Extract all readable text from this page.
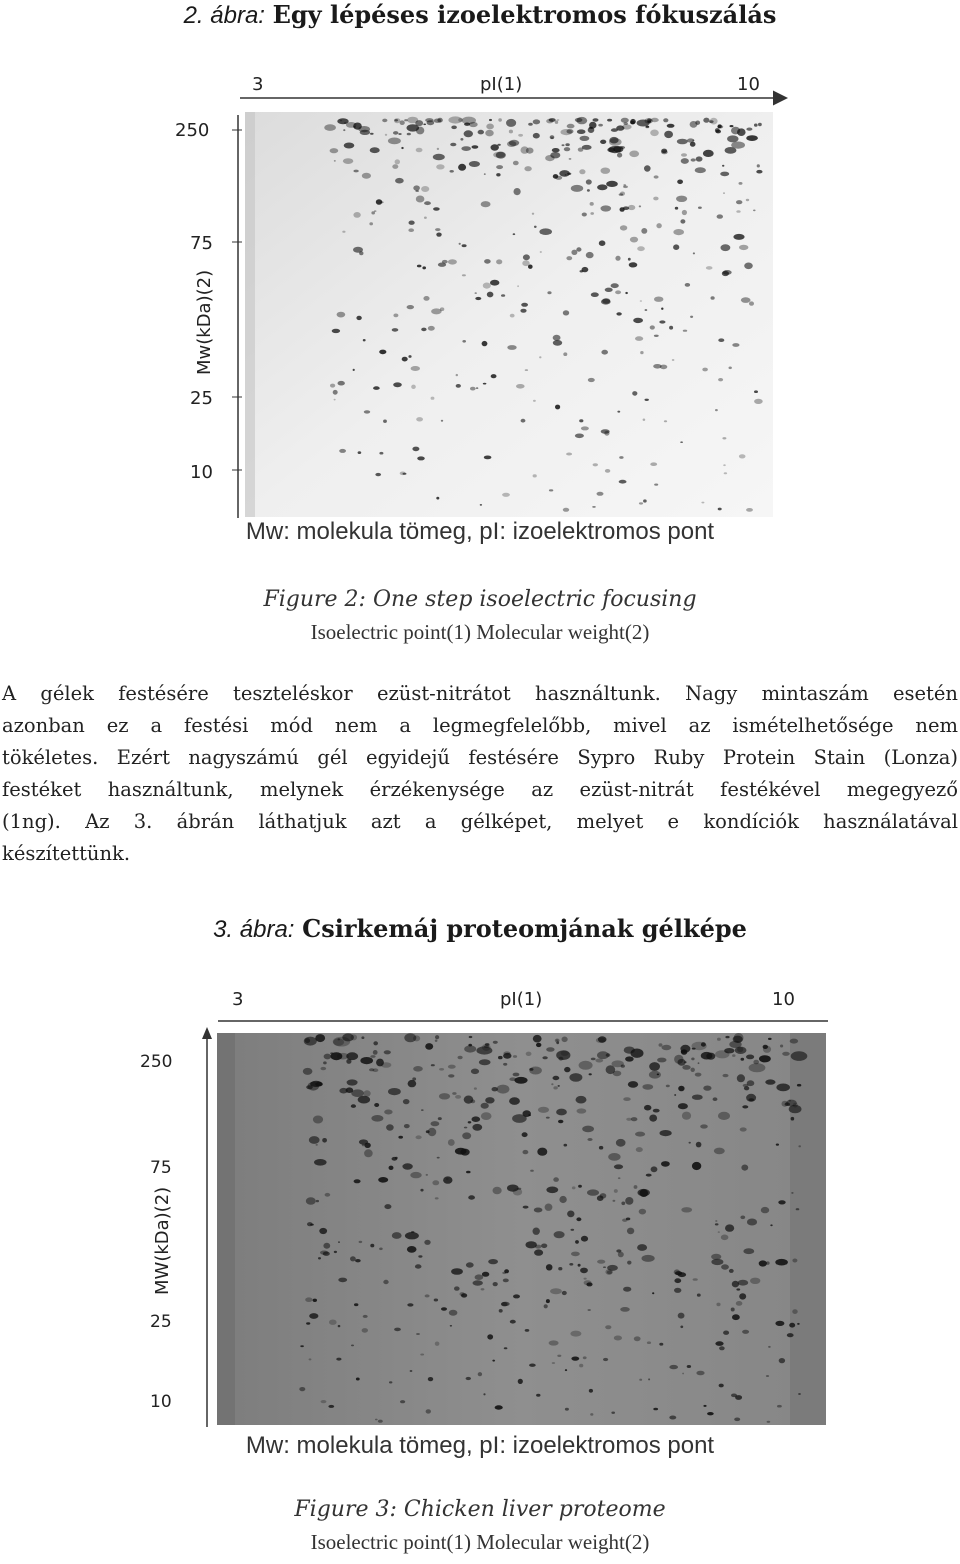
2. ábra: Egy lépéses izoelektromos fókuszálás
3	pI(1)	10
250
75
25
10
Mw(kDa)(2)
Mw: molekula tömeg, pI: izoelektromos pont
Figure 2: One step isoelectric focusing
Isoelectric point(1) Molecular weight(2)
A gélek festésére teszteléskor ezüst-nitrátot használtunk. Nagy mintaszám esetén
azonban ez a festési mód nem a legmegfelelőbb, mivel az ismételhetősége nem
tökéletes. Ezért nagyszámú gél egyidejű festésére Sypro Ruby Protein Stain (Lonza)
festéket használtunk, melynek érzékenysége az ezüst-nitrát festékével megegyező
(1ng). Az 3. ábrán láthatjuk azt a gélképet, melyet e kondíciók használatával
készítettünk.
3. ábra: Csirkemáj proteomjának gélképe
3	pI(1)	10
250
75
25
10
MW(kDa)(2)
Mw: molekula tömeg, pI: izoelektromos pont
Figure 3: Chicken liver proteome
Isoelectric point(1) Molecular weight(2)
